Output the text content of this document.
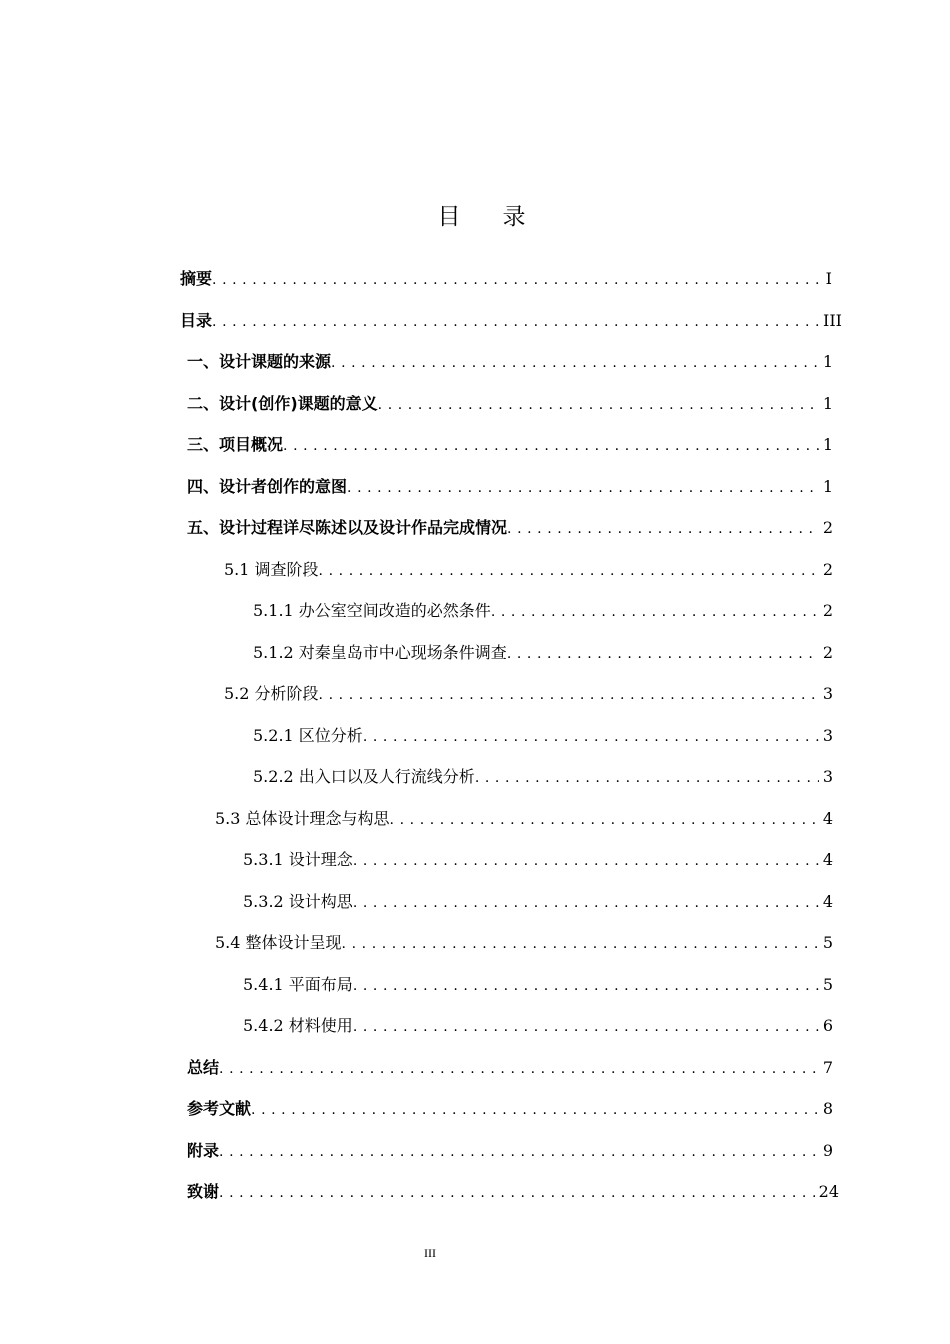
目录
摘要 .....	I
目录 .....	III
一、设计课题的来源 .....	1
二、设计(创作)课题的意义 .....	1
三、项目概况 .....	1
四、设计者创作的意图 .....	1
五、设计过程详尽陈述以及设计作品完成情况 .....	2
5.1 调查阶段 .....	2
5.1.1 办公室空间改造的必然条件 .....	2
5.1.2 对秦皇岛市中心现场条件调查 .....	2
5.2 分析阶段 .....	3
5.2.1 区位分析 .....	3
5.2.2 出入口以及人行流线分析 .....	3
5.3 总体设计理念与构思 .....	4
5.3.1 设计理念 .....	4
5.3.2 设计构思 .....	4
5.4 整体设计呈现 .....	5
5.4.1 平面布局 .....	5
5.4.2 材料使用 .....	6
总结 .....	7
参考文献 .....	8
附录 .....	9
致谢 .....	24
III
